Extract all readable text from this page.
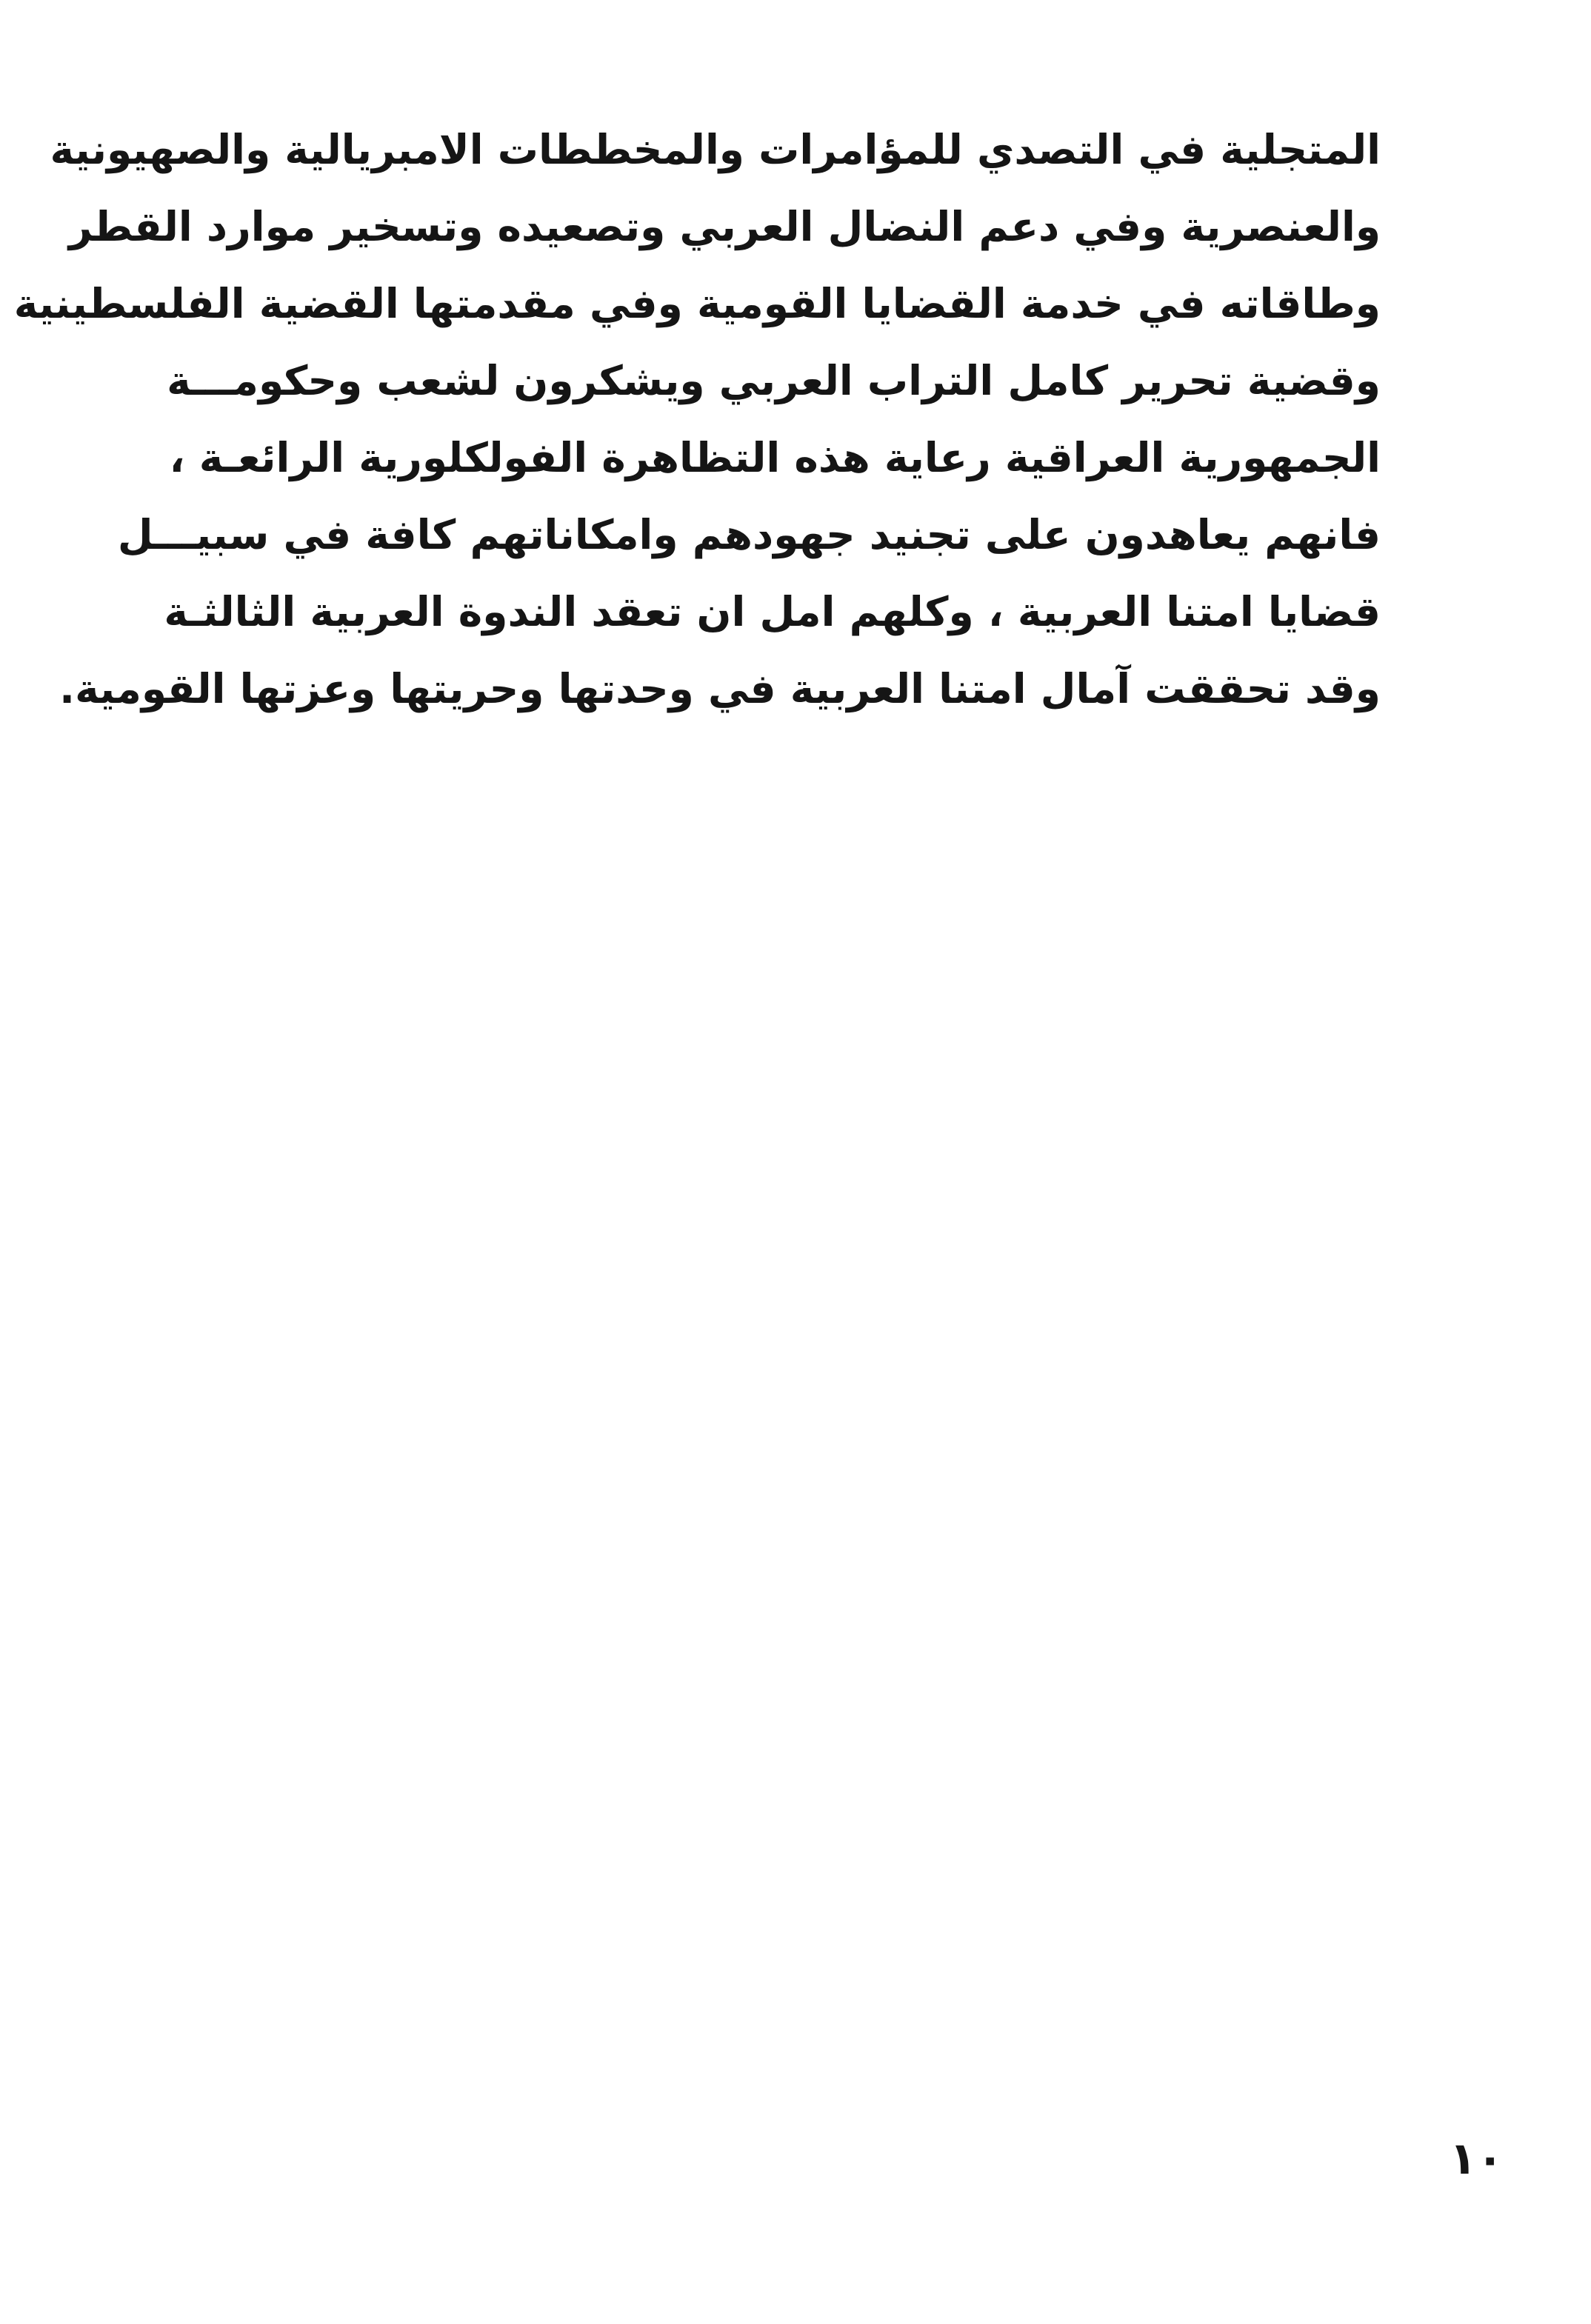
المتجلية في التصدي للمؤامرات والمخططات الامبريالية والصهيونية
والعنصرية وفي دعم النضال العربي وتصعيده وتسخير موارد القطر
وطاقاته في خدمة القضايا القومية وفي مقدمتها القضية الفلسطينية
وقضية تحرير كامل التراب العربي ويشكرون لشعب وحكومـــة
الجمهورية العراقية رعاية هذه التظاهرة الفولكلورية الرائعـة ،
فانهم يعاهدون على تجنيد جهودهم وامكاناتهم كافة في سبيـــل
قضايا امتنا العربية ، وكلهم امل ان تعقد الندوة العربية الثالثـة
وقد تحققت آمال امتنا العربية في وحدتها وحريتها وعزتها القومية.
١٠
